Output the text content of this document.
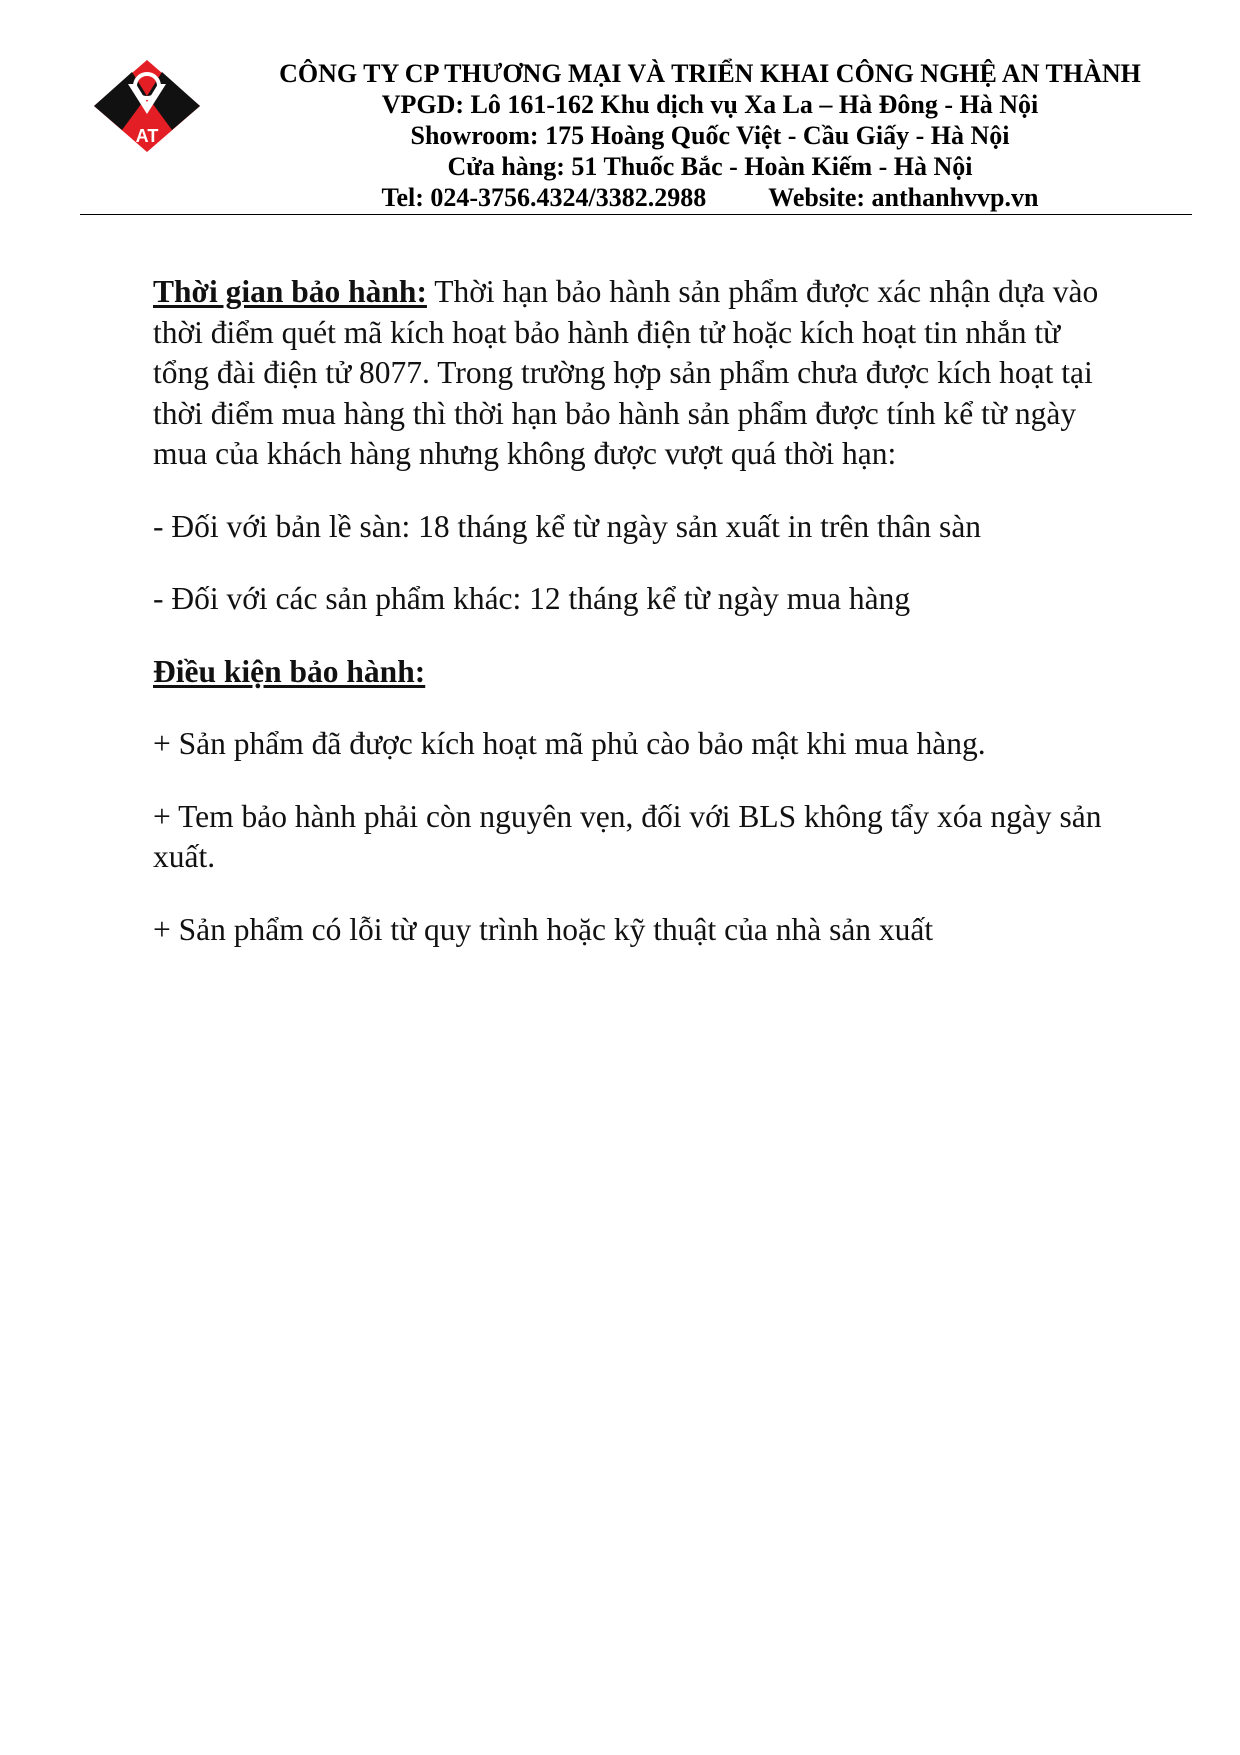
AT
CÔNG TY CP THƯƠNG MẠI VÀ TRIỂN KHAI CÔNG NGHỆ AN THÀNH
VPGD: Lô 161-162 Khu dịch vụ Xa La – Hà Đông - Hà Nội
Showroom: 175 Hoàng Quốc Việt - Cầu Giấy - Hà Nội
Cửa hàng: 51 Thuốc Bắc - Hoàn Kiếm - Hà Nội
Tel: 024-3756.4324/3382.2988 Website: anthanhvvp.vn

Thời gian bảo hành: Thời hạn bảo hành sản phẩm được xác nhận dựa vào thời điểm quét mã kích hoạt bảo hành điện tử hoặc kích hoạt tin nhắn từ tổng đài điện tử 8077. Trong trường hợp sản phẩm chưa được kích hoạt tại thời điểm mua hàng thì thời hạn bảo hành sản phẩm được tính kể từ ngày mua của khách hàng nhưng không được vượt quá thời hạn:

- Đối với bản lề sàn: 18 tháng kể từ ngày sản xuất in trên thân sàn

- Đối với các sản phẩm khác: 12 tháng kể từ ngày mua hàng

Điều kiện bảo hành:

+ Sản phẩm đã được kích hoạt mã phủ cào bảo mật khi mua hàng.

+ Tem bảo hành phải còn nguyên vẹn, đối với BLS không tẩy xóa ngày sản xuất.

+ Sản phẩm có lỗi từ quy trình hoặc kỹ thuật của nhà sản xuất
